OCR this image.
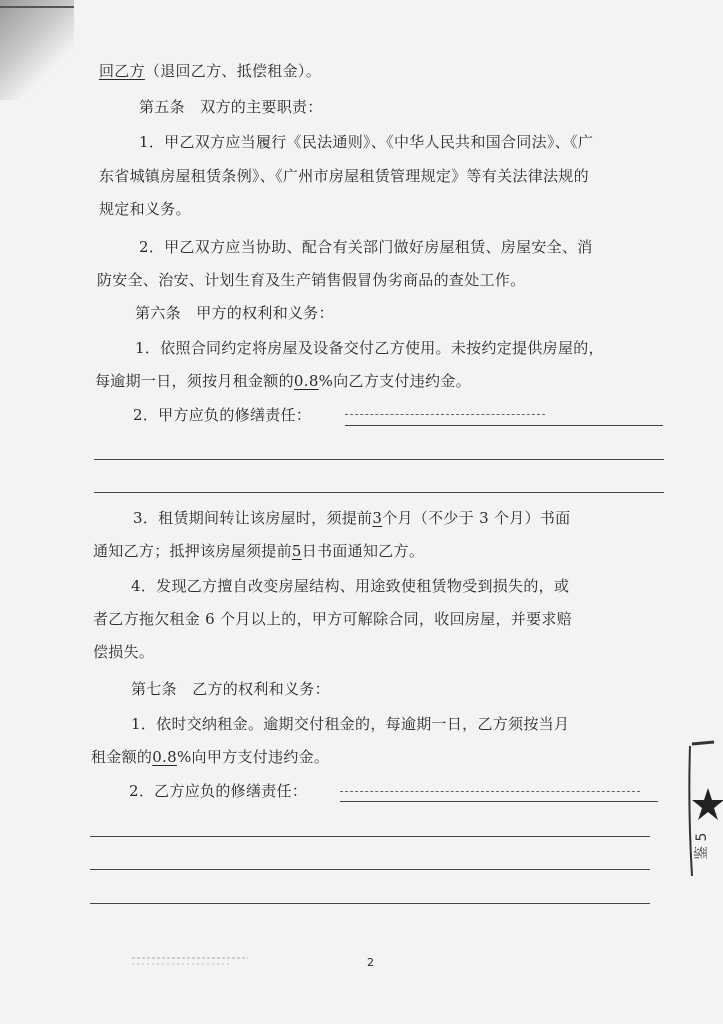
回乙方（退回乙方、抵偿租金）。
第五条　双方的主要职责：
1．甲乙双方应当履行《民法通则》、《中华人民共和国合同法》、《广
东省城镇房屋租赁条例》、《广州市房屋租赁管理规定》等有关法律法规的
规定和义务。
2．甲乙双方应当协助、配合有关部门做好房屋租赁、房屋安全、消
防安全、治安、计划生育及生产销售假冒伪劣商品的查处工作。
第六条　甲方的权利和义务：
1．依照合同约定将房屋及设备交付乙方使用。未按约定提供房屋的，
每逾期一日，须按月租金额的0.8%向乙方支付违约金。
2．甲方应负的修缮责任：
3．租赁期间转让该房屋时，须提前3个月（不少于 3 个月）书面
通知乙方；抵押该房屋须提前5日书面通知乙方。
4．发现乙方擅自改变房屋结构、用途致使租赁物受到损失的，或
者乙方拖欠租金 6 个月以上的，甲方可解除合同，收回房屋，并要求赔
偿损失。
第七条　乙方的权利和义务：
1．依时交纳租金。逾期交付租金的，每逾期一日，乙方须按当月
租金额的0.8%向甲方支付违约金。
2．乙方应负的修缮责任：
2
鉴 5
